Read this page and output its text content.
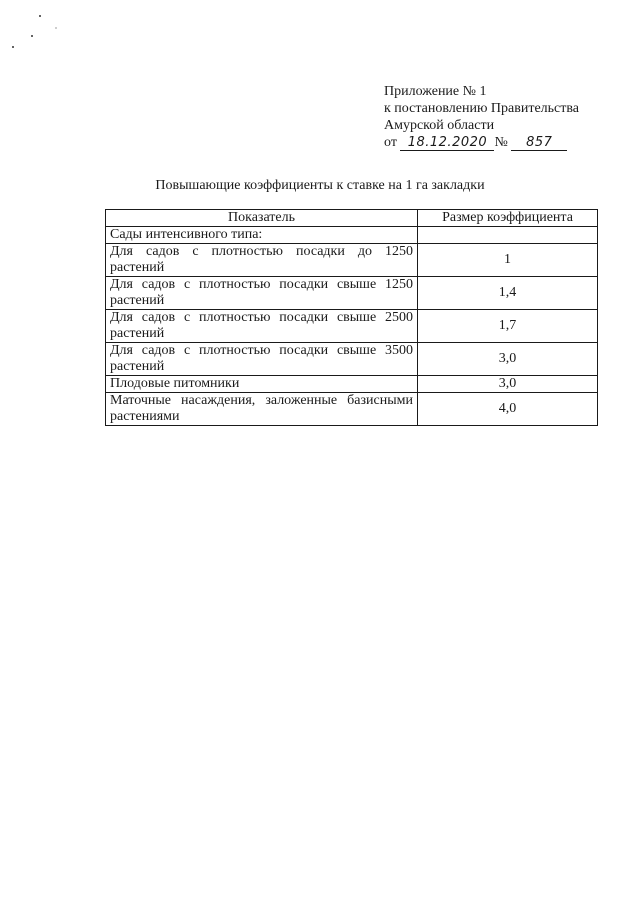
Приложение № 1
к постановлению Правительства
Амурской области
от 18.12.2020 № 857
Повышающие коэффициенты к ставке на 1 га закладки
Показатель	Размер коэффициента
Сады интенсивного типа:	
Для садов с плотностью посадки до 1250 растений	1
Для садов с плотностью посадки свыше 1250 растений	1,4
Для садов с плотностью посадки свыше 2500 растений	1,7
Для садов с плотностью посадки свыше 3500 растений	3,0
Плодовые питомники	3,0
Маточные насаждения, заложенные базисными растениями	4,0
